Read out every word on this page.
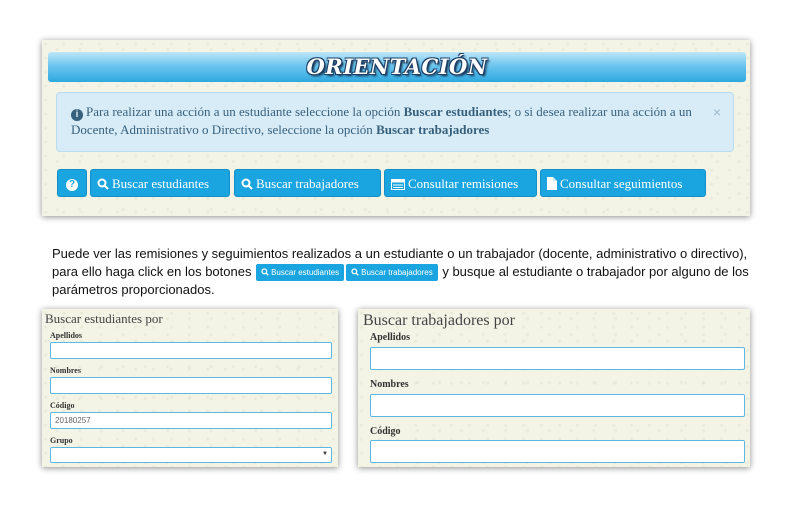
ORIENTACIÓN
i Para realizar una acción a un estudiante seleccione la opción Buscar estudiantes; o si desea realizar una acción a un Docente, Administrativo o Directivo, seleccione la opción Buscar trabajadores
×
?	Buscar estudiantes	Buscar trabajadores	Consultar remisiones	Consultar seguimientos
Puede ver las remisiones y seguimientos realizados a un estudiante o un trabajador (docente, administrativo o directivo), para ello haga click en los botones Buscar estudiantes	Buscar trabajadores y busque al estudiante o trabajador por alguno de los parámetros proporcionados.
Buscar estudiantes por
Apellidos
Nombres
Código
20180257
Grupo
▼
Buscar trabajadores por
Apellidos
Nombres
Código
